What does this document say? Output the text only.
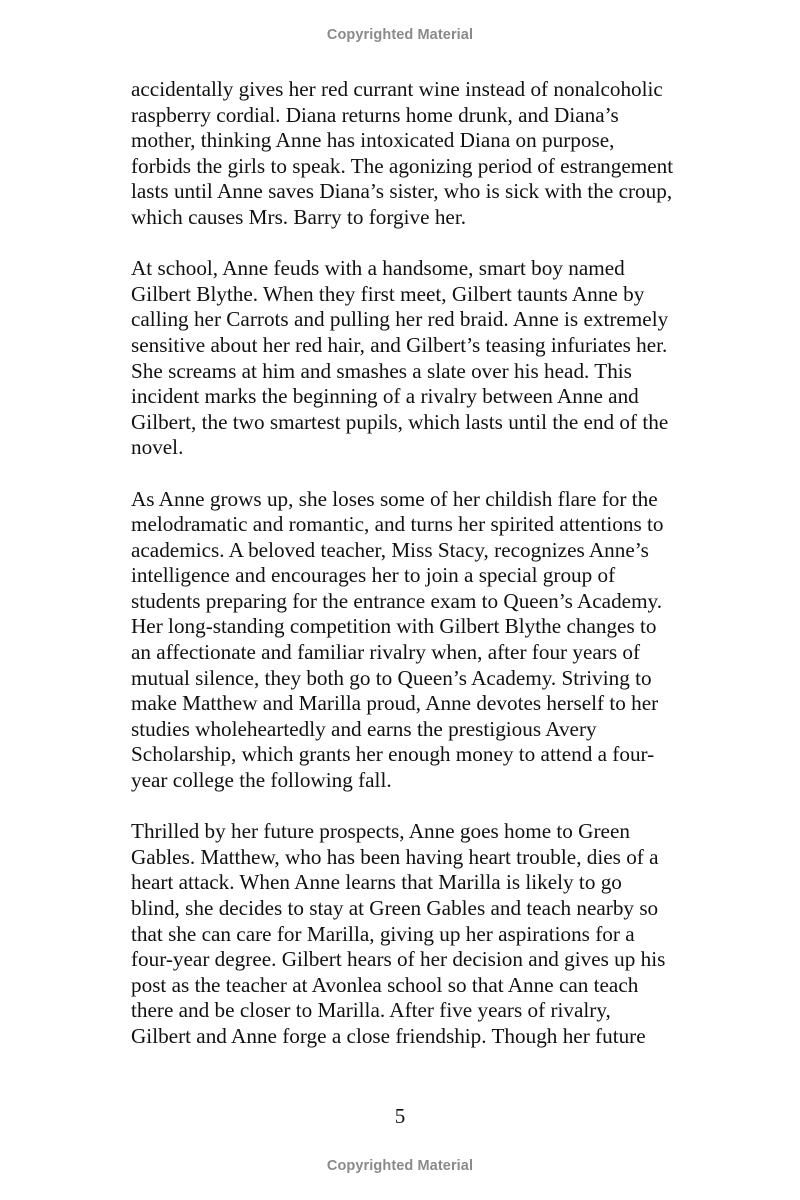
Copyrighted Material

accidentally gives her red currant wine instead of nonalcoholic
raspberry cordial. Diana returns home drunk, and Diana’s
mother, thinking Anne has intoxicated Diana on purpose,
forbids the girls to speak. The agonizing period of estrangement
lasts until Anne saves Diana’s sister, who is sick with the croup,
which causes Mrs. Barry to forgive her.

At school, Anne feuds with a handsome, smart boy named
Gilbert Blythe. When they first meet, Gilbert taunts Anne by
calling her Carrots and pulling her red braid. Anne is extremely
sensitive about her red hair, and Gilbert’s teasing infuriates her.
She screams at him and smashes a slate over his head. This
incident marks the beginning of a rivalry between Anne and
Gilbert, the two smartest pupils, which lasts until the end of the
novel.

As Anne grows up, she loses some of her childish flare for the
melodramatic and romantic, and turns her spirited attentions to
academics. A beloved teacher, Miss Stacy, recognizes Anne’s
intelligence and encourages her to join a special group of
students preparing for the entrance exam to Queen’s Academy.
Her long-standing competition with Gilbert Blythe changes to
an affectionate and familiar rivalry when, after four years of
mutual silence, they both go to Queen’s Academy. Striving to
make Matthew and Marilla proud, Anne devotes herself to her
studies wholeheartedly and earns the prestigious Avery
Scholarship, which grants her enough money to attend a four-
year college the following fall.

Thrilled by her future prospects, Anne goes home to Green
Gables. Matthew, who has been having heart trouble, dies of a
heart attack. When Anne learns that Marilla is likely to go
blind, she decides to stay at Green Gables and teach nearby so
that she can care for Marilla, giving up her aspirations for a
four-year degree. Gilbert hears of her decision and gives up his
post as the teacher at Avonlea school so that Anne can teach
there and be closer to Marilla. After five years of rivalry,
Gilbert and Anne forge a close friendship. Though her future

5
Copyrighted Material
